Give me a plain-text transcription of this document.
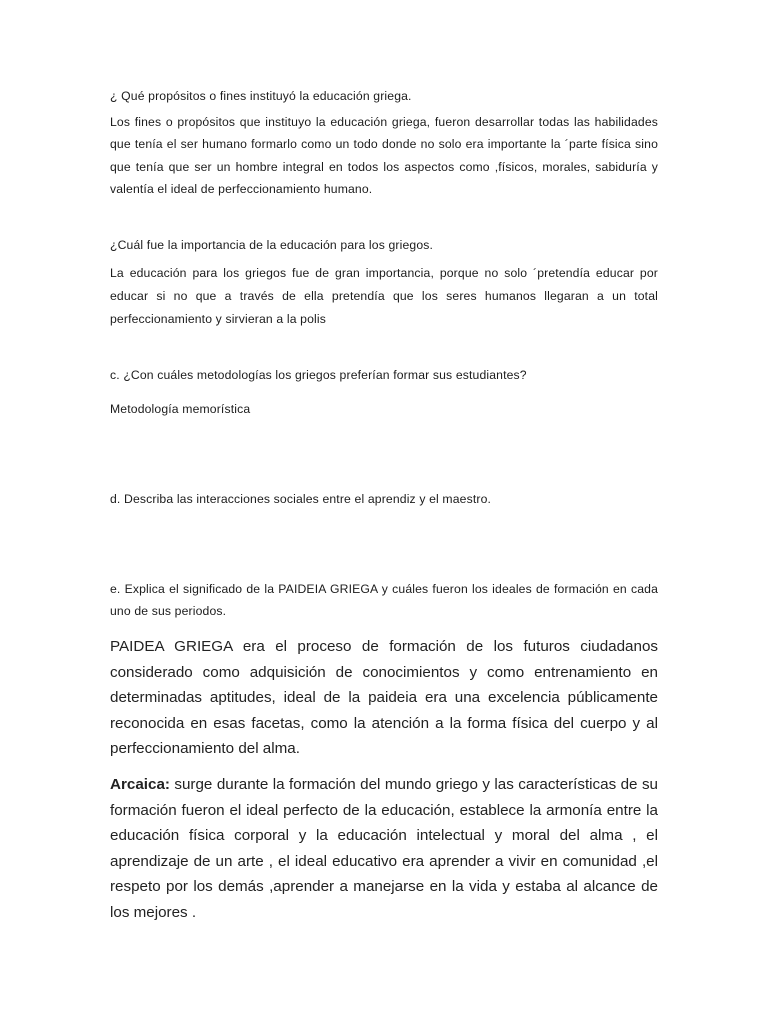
¿ Qué propósitos o fines instituyó la educación griega.

Los fines o propósitos que instituyo la educación griega, fueron desarrollar todas las habilidades que tenía el ser humano formarlo como un todo donde no solo era importante la ´parte física sino que tenía que ser un hombre integral en todos los aspectos como ,físicos, morales, sabiduría y valentía el ideal de perfeccionamiento humano.

¿Cuál fue la importancia de la educación para los griegos.

La educación para los griegos fue de gran importancia, porque no solo ´pretendía educar por educar si no que a través de ella pretendía que los seres humanos llegaran a un total perfeccionamiento y sirvieran a la polis

c. ¿Con cuáles metodologías los griegos preferían formar sus estudiantes?

Metodología memorística

d. Describa las interacciones sociales entre el aprendiz y el maestro.

e. Explica el significado de la PAIDEIA GRIEGA y cuáles fueron los ideales de formación en cada uno de sus periodos.

PAIDEA GRIEGA era el proceso de formación de los futuros ciudadanos considerado como adquisición de conocimientos y como entrenamiento en determinadas aptitudes, ideal de la paideia era una excelencia públicamente reconocida en esas facetas, como la atención a la forma física del cuerpo y al perfeccionamiento del alma.

Arcaica: surge durante la formación del mundo griego y las características de su formación fueron el ideal perfecto de la educación, establece la armonía entre la educación física corporal y la educación intelectual y moral del alma , el aprendizaje de un arte , el ideal educativo era aprender a vivir en comunidad ,el respeto por los demás ,aprender a manejarse en la vida y estaba al alcance de los mejores .
